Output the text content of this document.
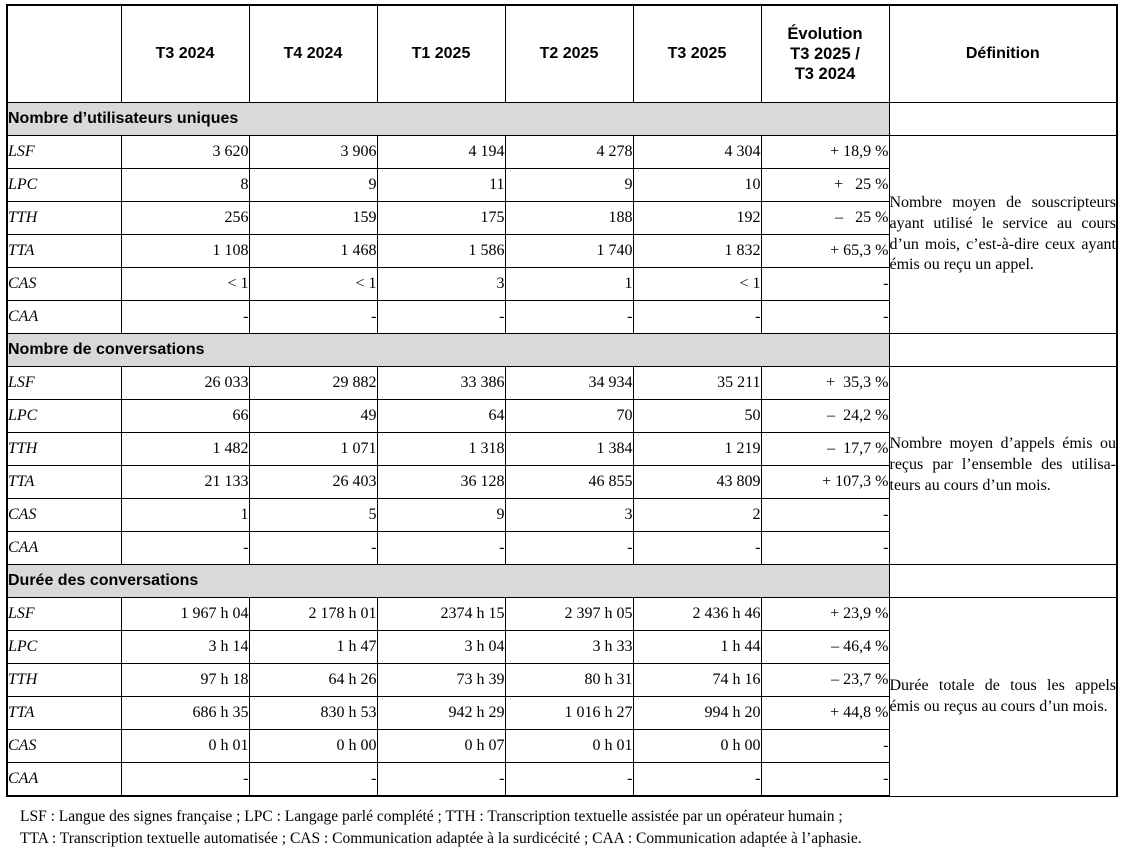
	T3 2024	T4 2024	T1 2025	T2 2025	T3 2025	Évolution
T3 2025 /
T3 2024	Définition
Nombre d’utilisateurs uniques							
LSF	3 620	3 906	4 194	4 278	4 304	+ 18,9 %	Nombre moyen de souscripteurs ayant utilisé le service au cours d’un mois, c’est-à-dire ceux ayant émis ou reçu un appel.
LPC	8	9	11	9	10	+   25 %	
TTH	256	159	175	188	192	–   25 %	
TTA	1 108	1 468	1 586	1 740	1 832	+ 65,3 %	
CAS	< 1	< 1	3	1	< 1	-	
CAA	-	-	-	-	-	-	
Nombre de conversations							
LSF	26 033	29 882	33 386	34 934	35 211	+  35,3 %	Nombre moyen d’appels émis ou reçus par l’ensemble des utilisateurs au cours d’un mois.
LPC	66	49	64	70	50	–  24,2 %	
TTH	1 482	1 071	1 318	1 384	1 219	–  17,7 %	
TTA	21 133	26 403	36 128	46 855	43 809	+ 107,3 %	
CAS	1	5	9	3	2	-	
CAA	-	-	-	-	-	-	
Durée des conversations							
LSF	1 967 h 04	2 178 h 01	2374 h 15	2 397 h 05	2 436 h 46	+ 23,9 %	Durée totale de tous les appels émis ou reçus au cours d’un mois.
LPC	3 h 14	1 h 47	3 h 04	3 h 33	1 h 44	– 46,4 %	
TTH	97 h 18	64 h 26	73 h 39	80 h 31	74 h 16	– 23,7 %	
TTA	686 h 35	830 h 53	942 h 29	1 016 h 27	994 h 20	+ 44,8 %	
CAS	0 h 01	0 h 00	0 h 07	0 h 01	0 h 00	-	
CAA	-	-	-	-	-	-	
LSF : Langue des signes française ; LPC : Langage parlé complété ; TTH : Transcription textuelle assistée par un opérateur humain ;
TTA : Transcription textuelle automatisée ; CAS : Communication adaptée à la surdicécité ; CAA : Communication adaptée à l’aphasie.
